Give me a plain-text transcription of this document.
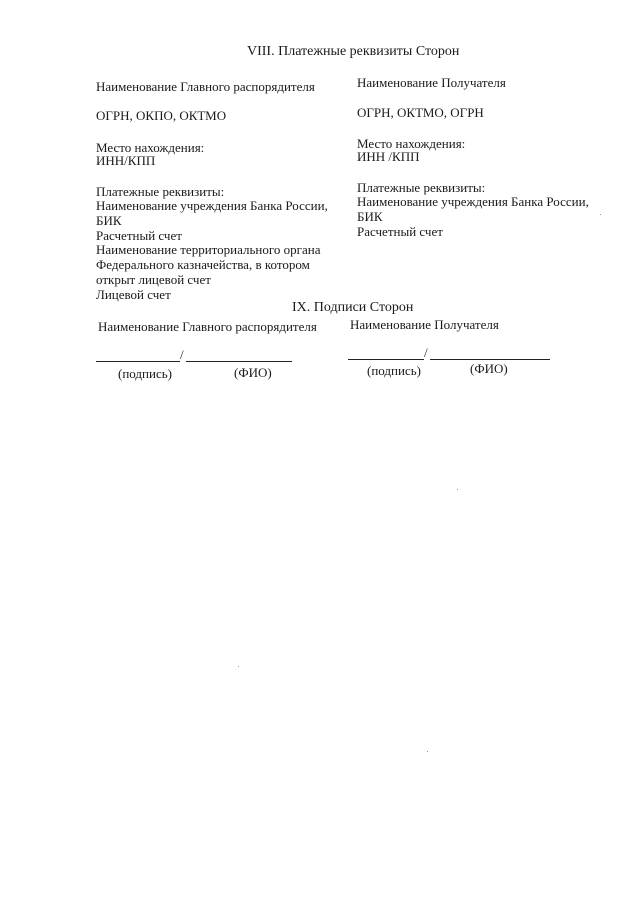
VIII. Платежные реквизиты Сторон
Наименование Главного распорядителя
ОГРН, ОКПО, ОКТМО
Место нахождения:
ИНН/КПП
Платежные реквизиты:
Наименование учреждения Банка России,
БИК
Расчетный счет
Наименование территориального органа
Федерального казначейства, в котором
открыт лицевой счет
Лицевой счет
Наименование Получателя
ОГРН, ОКТМО, ОГРН
Место нахождения:
ИНН /КПП
Платежные реквизиты:
Наименование учреждения Банка России,
БИК
Расчетный счет
IX. Подписи Сторон
Наименование Главного распорядителя
/
(подпись)	(ФИО)
Наименование Получателя
/
(подпись)	(ФИО)
